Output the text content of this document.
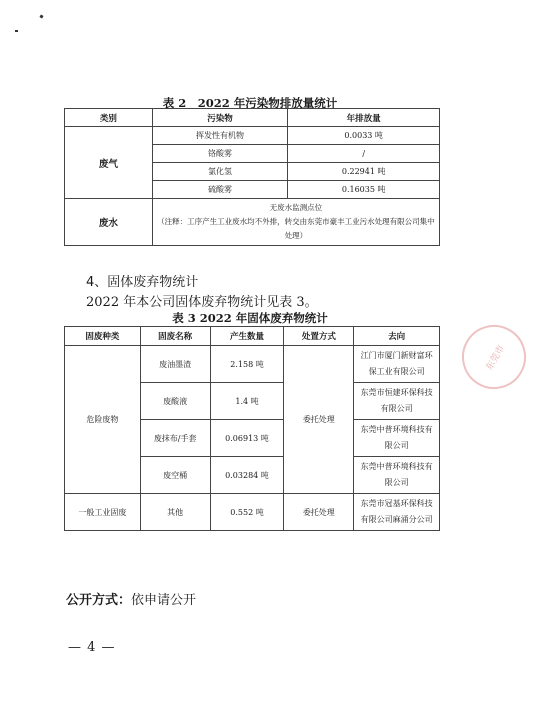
表 2　2022 年污染物排放量统计
类别	污染物	年排放量
废气	挥发性有机物	0.0033 吨
	铬酸雾	/
	氯化氢	0.22941 吨
	硫酸雾	0.16035 吨
废水	无废水监测点位
（注释：工序产生工业废水均不外排，转交由东莞市豪丰工业污水处理有限公司集中处理）	
4、固体废弃物统计
2022 年本公司固体废弃物统计见表 3。
表 3 2022 年固体废弃物统计
固废种类	固废名称	产生数量	处置方式	去向
危险废物	废油墨渣	2.158 吨	委托处理	江门市厦门新财富环保工业有限公司
	废酸液	1.4 吨		东莞市恒建环保科技有限公司
	废抹布/手套	0.06913 吨		东莞中普环境科技有限公司
	废空桶	0.03284 吨		东莞中普环境科技有限公司
一般工业固废	其他	0.552 吨	委托处理	东莞市冠基环保科技有限公司麻涌分公司
东莞市
公开方式：依申请公开
— 4 —
